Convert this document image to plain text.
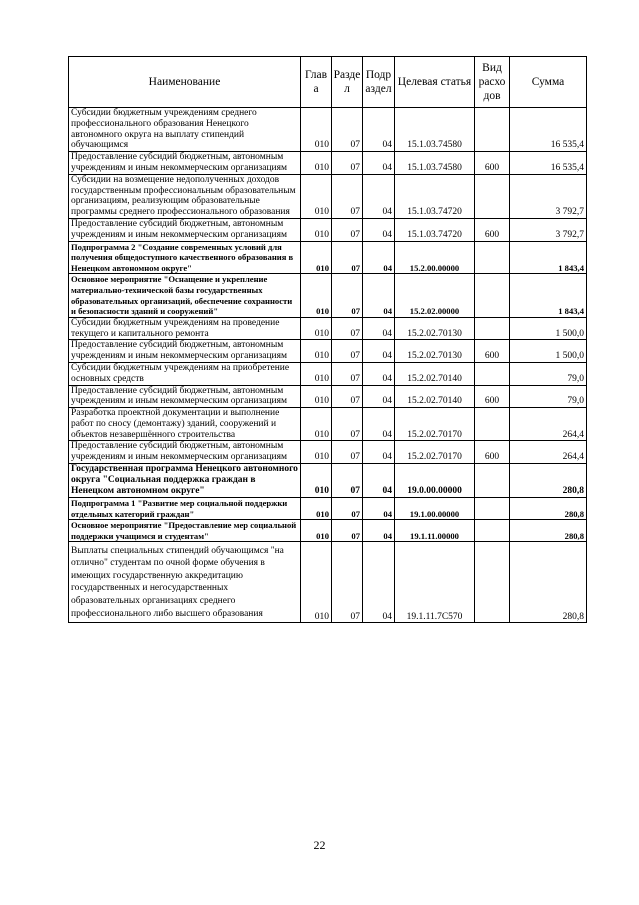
Наименование	Глав а	Разде л	Подр аздел	Целевая статья	Вид расхо дов	Сумма
Субсидии бюджетным учреждениям среднего профессионального образования Ненецкого автономного округа на выплату стипендий обучающимся	010	07	04	15.1.03.74580		16 535,4
Предоставление субсидий бюджетным, автономным учреждениям и иным некоммерческим организациям	010	07	04	15.1.03.74580	600	16 535,4
Субсидии на возмещение недополученных доходов государственным профессиональным образовательным организациям, реализующим образовательные программы среднего профессионального образования	010	07	04	15.1.03.74720		3 792,7
Предоставление субсидий бюджетным, автономным учреждениям и иным некоммерческим организациям	010	07	04	15.1.03.74720	600	3 792,7
Подпрограмма 2 "Создание современных условий для получения общедоступного качественного образования в Ненецком автономном округе"	010	07	04	15.2.00.00000		1 843,4
Основное мероприятие "Оснащение и укрепление материально-технической базы государственных образовательных организаций, обеспечение сохранности и безопасности зданий и сооружений"	010	07	04	15.2.02.00000		1 843,4
Субсидии бюджетным учреждениям на проведение текущего и капитального ремонта	010	07	04	15.2.02.70130		1 500,0
Предоставление субсидий бюджетным, автономным учреждениям и иным некоммерческим организациям	010	07	04	15.2.02.70130	600	1 500,0
Субсидии бюджетным учреждениям на приобретение основных средств	010	07	04	15.2.02.70140		79,0
Предоставление субсидий бюджетным, автономным учреждениям и иным некоммерческим организациям	010	07	04	15.2.02.70140	600	79,0
Разработка проектной документации и выполнение работ по сносу (демонтажу) зданий, сооружений и объектов незавершённого строительства	010	07	04	15.2.02.70170		264,4
Предоставление субсидий бюджетным, автономным учреждениям и иным некоммерческим организациям	010	07	04	15.2.02.70170	600	264,4
Государственная программа Ненецкого автономного округа "Социальная поддержка граждан в Ненецком автономном округе"	010	07	04	19.0.00.00000		280,8
Подпрограмма 1 "Развитие мер социальной поддержки отдельных категорий граждан"	010	07	04	19.1.00.00000		280,8
Основное мероприятие "Предоставление мер социальной поддержки учащимся и студентам"	010	07	04	19.1.11.00000		280,8
Выплаты специальных стипендий обучающимся "на отлично" студентам по очной форме обучения в имеющих государственную аккредитацию государственных и негосударственных образовательных организациях среднего профессионального либо высшего образования	010	07	04	19.1.11.7C570		280,8
22
